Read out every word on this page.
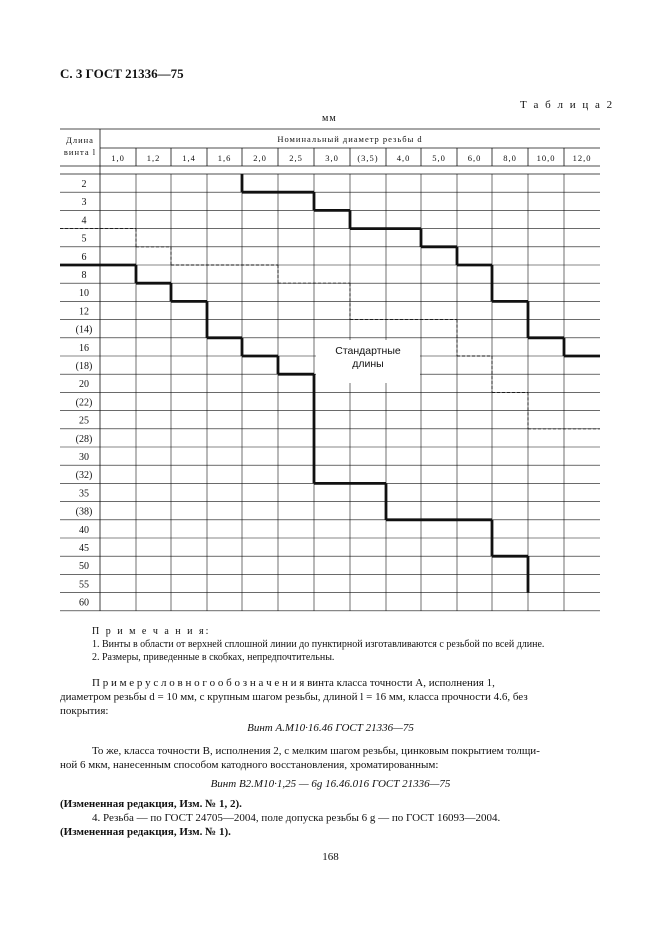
С. 3 ГОСТ 21336—75
Т а б л и ц а 2
мм
Длина
винта l
Номинальный диаметр резьбы d
1,0	1,2	1,4	1,6	2,0	2,5	3,0 (3,5) 4,0	5,0	6,0	8,0 10,0 12,0
2
3
4
5
6
8
10
12
(14)
16
(18)
20
(22)
25
(28)
30
(32)
35
(38)
40
45
50
55
60
Стандартные
длины
П р и м е ч а н и я:
1. Винты в области от верхней сплошной линии до пунктирной изготавливаются с резьбой по всей длине.
2. Размеры, приведенные в скобках, непредпочтительны.
П р и м е р у с л о в н о г о о б о з н а ч е н и я винта класса точности А, исполнения 1,
диаметром резьбы d = 10 мм, с крупным шагом резьбы, длиной l = 16 мм, класса прочности 4.6, без
покрытия:
Винт А.М10·16.46 ГОСТ 21336—75
То же, класса точности В, исполнения 2, с мелким шагом резьбы, цинковым покрытием толщи-
ной 6 мкм, нанесенным способом катодного восстановления, хроматированным:
Винт В2.М10·1,25 — 6g 16.46.016 ГОСТ 21336—75
(Измененная редакция, Изм. № 1, 2).
4. Резьба — по ГОСТ 24705—2004, поле допуска резьбы 6 g — по ГОСТ 16093—2004.
(Измененная редакция, Изм. № 1).
168
